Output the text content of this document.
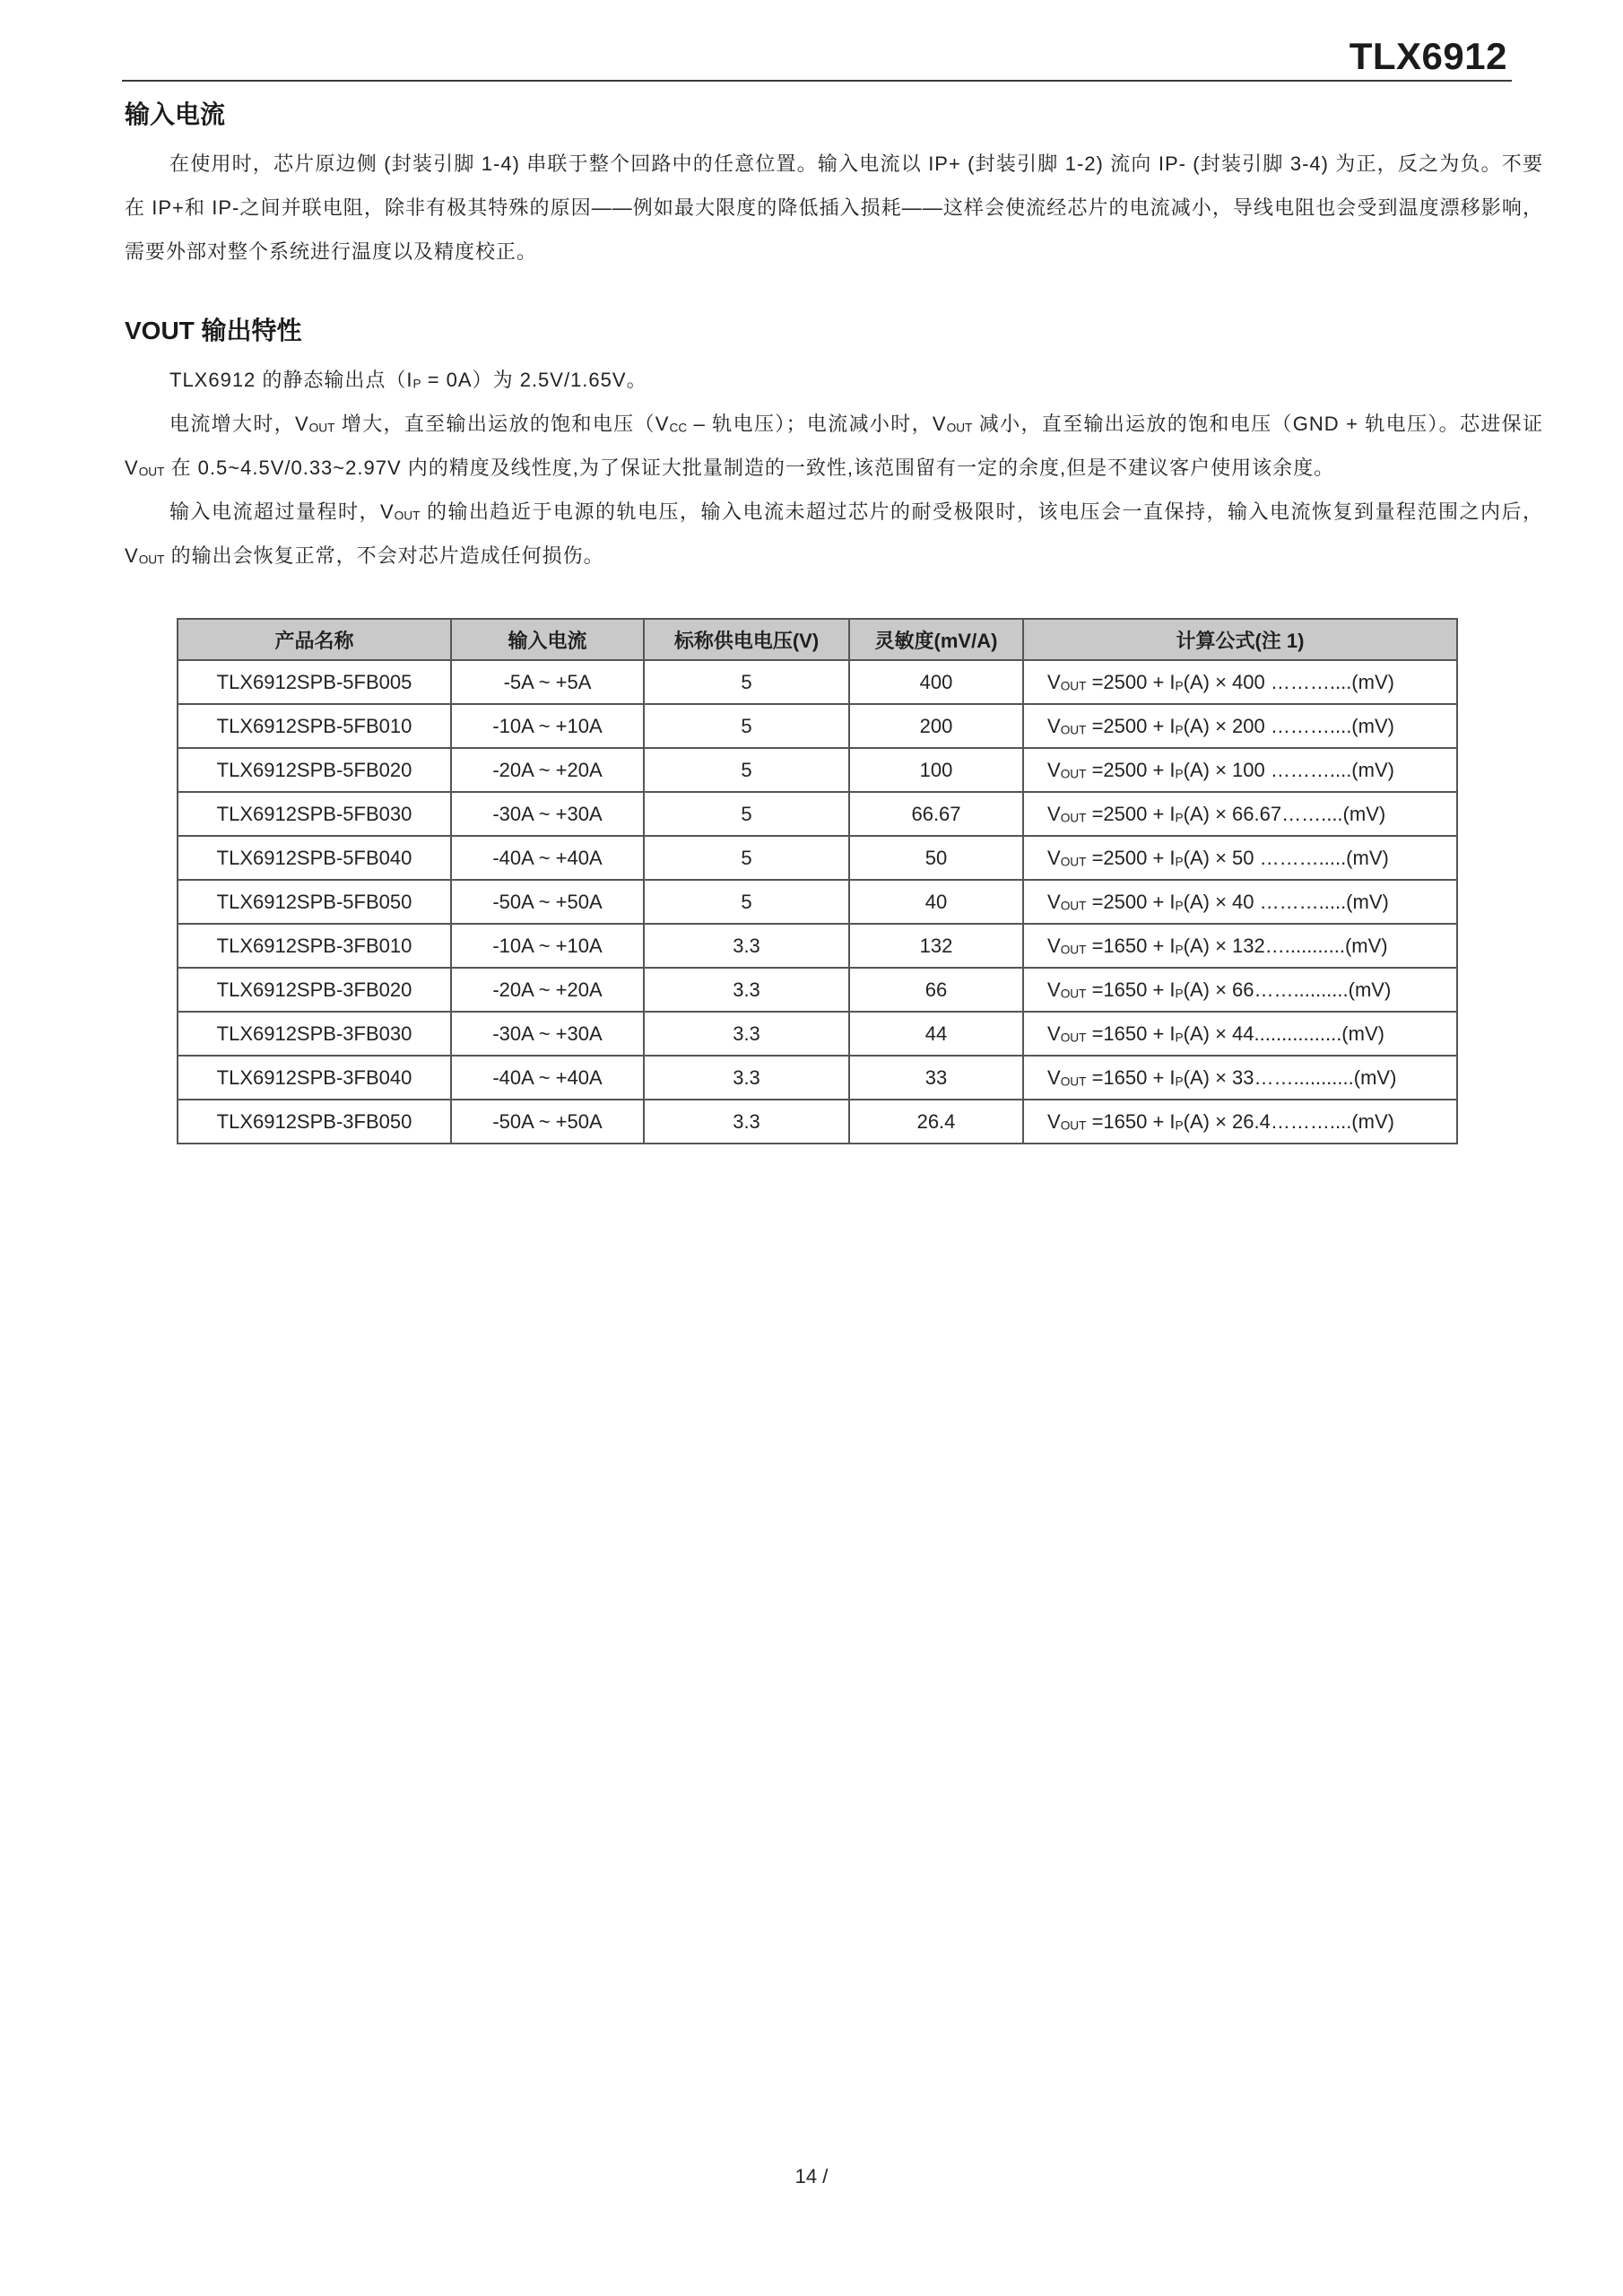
TLX6912
输入电流

在使用时，芯片原边侧 (封装引脚 1-4) 串联于整个回路中的任意位置。输入电流以 IP+ (封装引脚 1-2) 流向 IP- (封装引脚 3-4) 为正，反之为负。不要在 IP+和 IP-之间并联电阻，除非有极其特殊的原因——例如最大限度的降低插入损耗——这样会使流经芯片的电流减小，导线电阻也会受到温度漂移影响，需要外部对整个系统进行温度以及精度校正。

VOUT 输出特性

TLX6912 的静态输出点$(I_P = 0A)$为 2.5V/1.65V。

电流增大时，$V_{OUT}$ 增大，直至输出运放的饱和电压（$V_{CC}$ – 轨电压）；电流减小时，$V_{OUT}$ 减小，直至输出运放的饱和电压（GND + 轨电压）。芯进保证 $V_{OUT}$ 在 0.5~4.5V/0.33~2.97V 内的精度及线性度,为了保证大批量制造的一致性,该范围留有一定的余度,但是不建议客户使用该余度。

输入电流超过量程时，$V_{OUT}$ 的输出趋近于电源的轨电压，输入电流未超过芯片的耐受极限时，该电压会一直保持，输入电流恢复到量程范围之内后，$V_{OUT}$ 的输出会恢复正常，不会对芯片造成任何损伤。

产品名称	输入电流	标称供电电压(V)	灵敏度(mV/A)	计算公式(注 1)
TLX6912SPB-5FB005	-5A ~ +5A	5	400	$V_{OUT} =2500 + I_P(A) \times 400$ ………....(mV)
TLX6912SPB-5FB010	-10A ~ +10A	5	200	$V_{OUT} =2500 + I_P(A) \times 200$ ………....(mV)
TLX6912SPB-5FB020	-20A ~ +20A	5	100	$V_{OUT} =2500 + I_P(A) \times 100$ ………....(mV)
TLX6912SPB-5FB030	-30A ~ +30A	5	66.67	$V_{OUT} =2500 + I_P(A)$ × 66.67……....(mV)
TLX6912SPB-5FB040	-40A ~ +40A	5	50	$V_{OUT} =2500 + I_P(A) \times 50$ ……….....(mV)
TLX6912SPB-5FB050	-50A ~ +50A	5	40	$V_{OUT} =2500 + I_P(A) \times 40$ ……….....(mV)
TLX6912SPB-3FB010	-10A ~ +10A	3.3	132	$V_{OUT} =1650 + I_P(A)$ × 132…...........(mV)
TLX6912SPB-3FB020	-20A ~ +20A	3.3	66	$V_{OUT} =1650 + I_P(A)$ × 66……..........(mV)
TLX6912SPB-3FB030	-30A ~ +30A	3.3	44	$V_{OUT} =1650 + I_P(A) \times 44................(mV)$
TLX6912SPB-3FB040	-40A ~ +40A	3.3	33	$V_{OUT} =1650 + I_P(A)$ × 33……...........(mV)
TLX6912SPB-3FB050	-50A ~ +50A	3.3	26.4	$V_{OUT} =1650 + I_P(A)$ × 26.4………....(mV)
14 /
